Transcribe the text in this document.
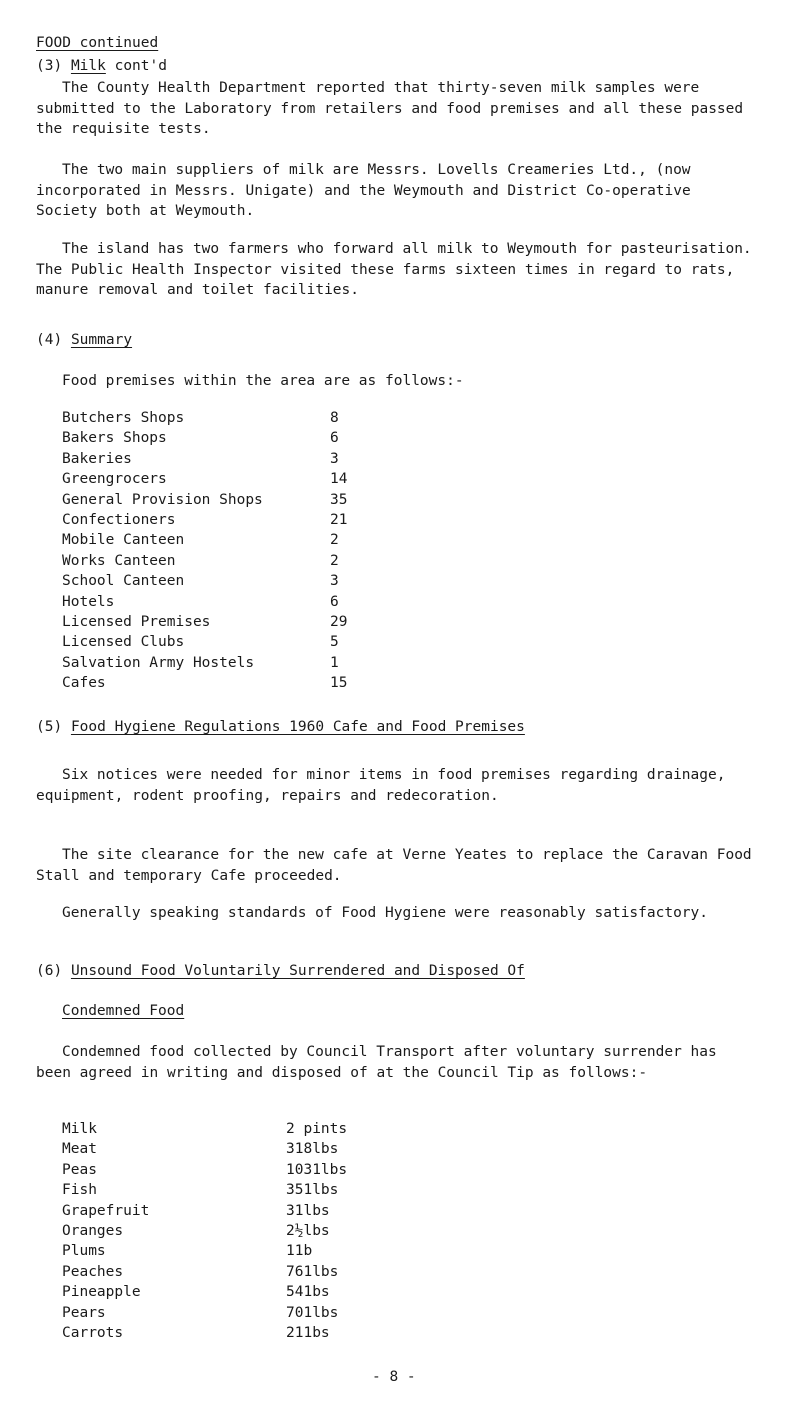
FOOD continued
(3) Milk cont'd

The County Health Department reported that thirty-seven milk samples were submitted to the Laboratory from retailers and food premises and all these passed the requisite tests.

The two main suppliers of milk are Messrs. Lovells Creameries Ltd., (now incorporated in Messrs. Unigate) and the Weymouth and District Co-operative Society both at Weymouth.

The island has two farmers who forward all milk to Weymouth for pasteurisation. The Public Health Inspector visited these farms sixteen times in regard to rats, manure removal and toilet facilities.

(4) Summary
Food premises within the area are as follows:-
Butchers Shops	8
Bakers Shops	6
Bakeries	3
Greengrocers	14
General Provision Shops	35
Confectioners	21
Mobile Canteen	2
Works Canteen	2
School Canteen	3
Hotels	6
Licensed Premises	29
Licensed Clubs	5
Salvation Army Hostels	1
Cafes	15
(5) Food Hygiene Regulations 1960 Cafe and Food Premises

Six notices were needed for minor items in food premises regarding drainage, equipment, rodent proofing, repairs and redecoration.

The site clearance for the new cafe at Verne Yeates to replace the Caravan Food Stall and temporary Cafe proceeded.

Generally speaking standards of Food Hygiene were reasonably satisfactory.

(6) Unsound Food Voluntarily Surrendered and Disposed Of
Condemned Food

Condemned food collected by Council Transport after voluntary surrender has been agreed in writing and disposed of at the Council Tip as follows:-

Milk	2 pints
Meat	318lbs
Peas	1031lbs
Fish	351lbs
Grapefruit	31lbs
Oranges	2½lbs
Plums	11b
Peaches	761lbs
Pineapple	541bs
Pears	701lbs
Carrots	211bs
- 8 -
